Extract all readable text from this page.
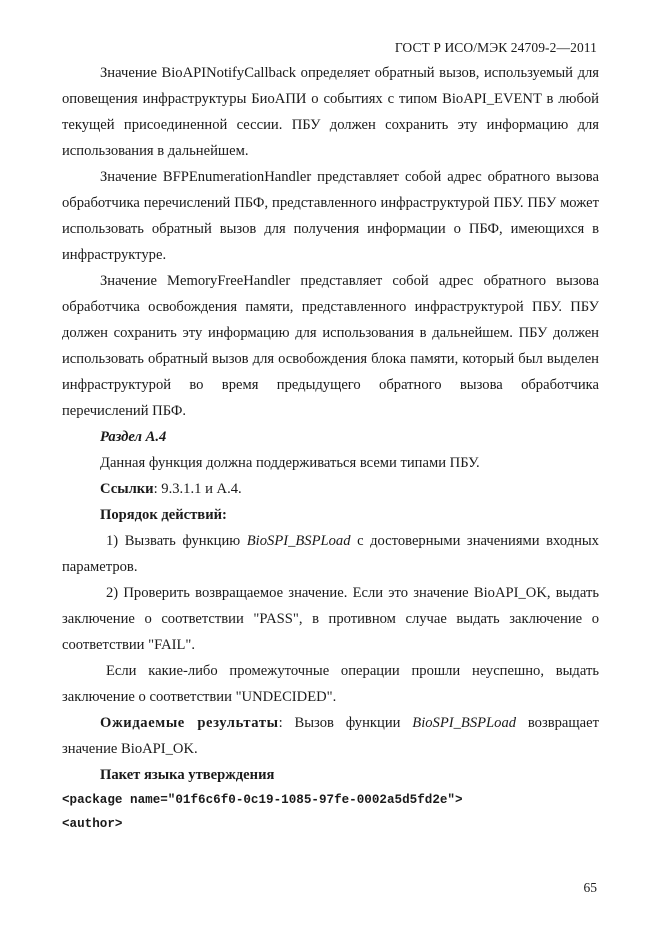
ГОСТ Р ИСО/МЭК 24709-2—2011

Значение BioAPINotifyCallback определяет обратный вызов, используемый для оповещения инфраструктуры БиоАПИ о событиях с типом BioAPI_EVENT в любой текущей присоединенной сессии. ПБУ должен сохранить эту информацию для использования в дальнейшем.

Значение BFPEnumerationHandler представляет собой адрес обратного вызова обработчика перечислений ПБФ, представленного инфраструктурой ПБУ. ПБУ может использовать обратный вызов для получения информации о ПБФ, имеющихся в инфраструктуре.

Значение MemoryFreeHandler представляет собой адрес обратного вызова обработчика освобождения памяти, представленного инфраструктурой ПБУ. ПБУ должен сохранить эту информацию для использования в дальнейшем. ПБУ должен использовать обратный вызов для освобождения блока памяти, который был выделен инфраструктурой во время предыдущего обратного вызова обработчика перечислений ПБФ.

Раздел А.4

Данная функция должна поддерживаться всеми типами ПБУ.

Ссылки: 9.3.1.1 и А.4.

Порядок действий:

1) Вызвать функцию BioSPI_BSPLoad с достоверными значениями входных параметров.

2) Проверить возвращаемое значение. Если это значение BioAPI_OK, выдать заключение о соответствии "PASS", в противном случае выдать заключение о соответствии "FAIL".

Если какие-либо промежуточные операции прошли неуспешно, выдать заключение о соответствии "UNDECIDED".

Ожидаемые результаты: Вызов функции BioSPI_BSPLoad возвращает значение BioAPI_OK.

Пакет языка утверждения

<package name="01f6c6f0-0c19-1085-97fe-0002a5d5fd2e">

<author>

65
